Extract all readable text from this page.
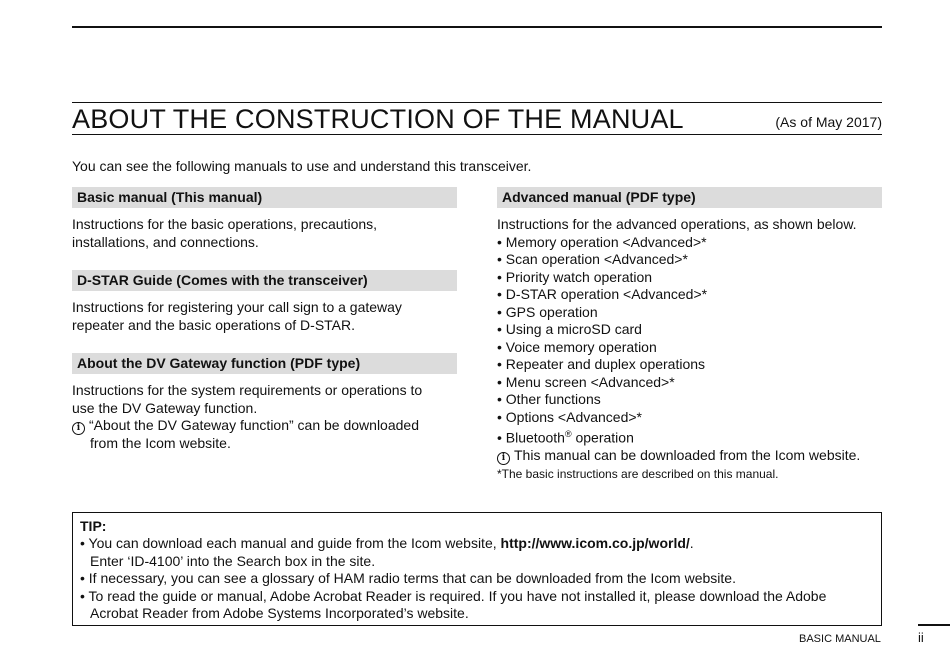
ABOUT THE CONSTRUCTION OF THE MANUAL	(As of May 2017)
You can see the following manuals to use and understand this transceiver.
Basic manual (This manual)
Instructions for the basic operations, precautions,
installations, and connections.
D-STAR Guide (Comes with the transceiver)
Instructions for registering your call sign to a gateway
repeater and the basic operations of D-STAR.
About the DV Gateway function (PDF type)
Instructions for the system requirements or operations to
use the DV Gateway function.
i “About the DV Gateway function” can be downloaded
from the Icom website.
Advanced manual (PDF type)
Instructions for the advanced operations, as shown below.
• Memory operation <Advanced>*
• Scan operation <Advanced>*
• Priority watch operation
• D-STAR operation <Advanced>*
• GPS operation
• Using a microSD card
• Voice memory operation
• Repeater and duplex operations
• Menu screen <Advanced>*
• Other functions
• Options <Advanced>*
• Bluetooth® operation
i This manual can be downloaded from the Icom website.
*The basic instructions are described on this manual.
TIP:
• You can download each manual and guide from the Icom website, http://www.icom.co.jp/world/.
Enter ‘ID-4100’ into the Search box in the site.
• If necessary, you can see a glossary of HAM radio terms that can be downloaded from the Icom website.
• To read the guide or manual, Adobe Acrobat Reader is required. If you have not installed it, please download the Adobe
Acrobat Reader from Adobe Systems Incorporated’s website.
BASIC MANUAL	ii
